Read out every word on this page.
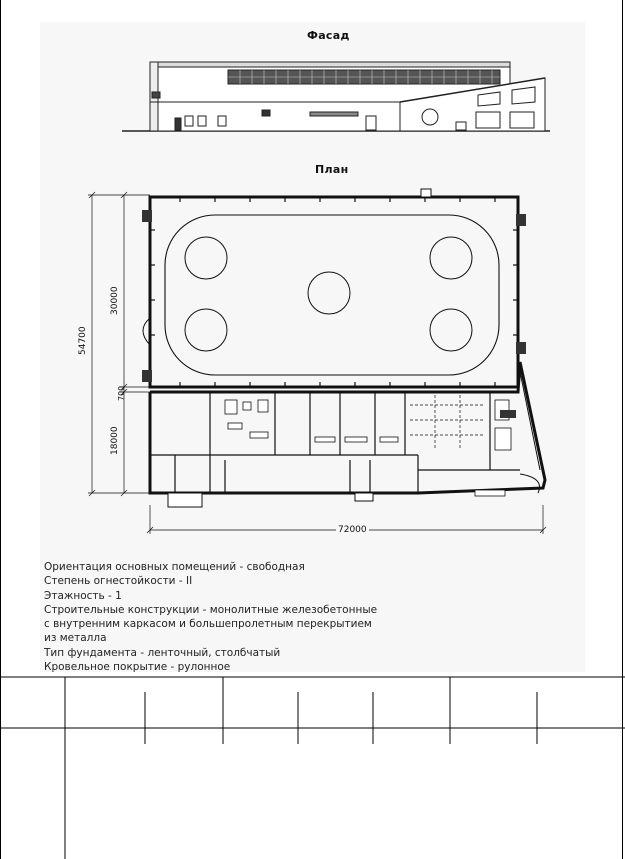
Фасад
План
54700
30000
700
18000
72000
Ориентация основных помещений - свободная
Степень огнестойкости - II
Этажность - 1
Строительные конструкции - монолитные железобетонные
с внутренним каркасом и большепролетным перекрытием
из металла
Тип фундамента - ленточный, столбчатый
Кровельное покрытие - рулонное
